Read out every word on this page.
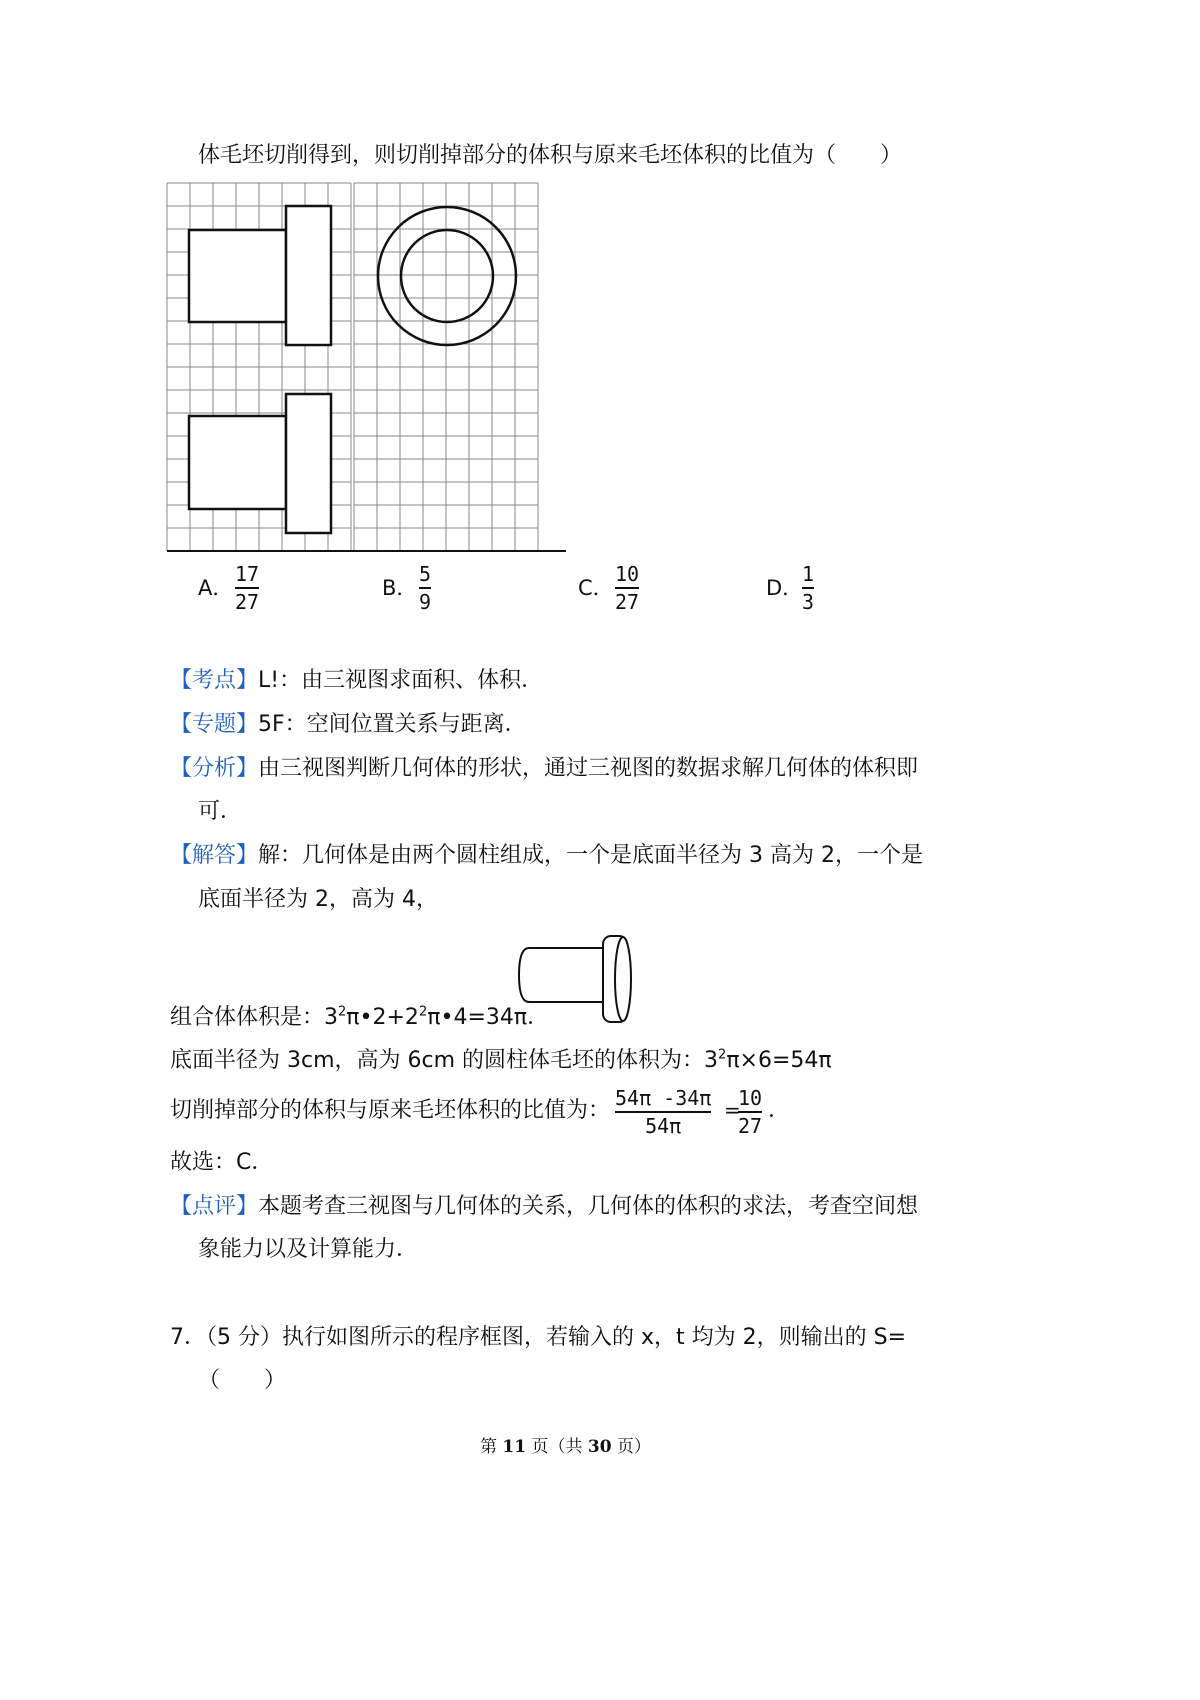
体毛坯切削得到，则切削掉部分的体积与原来毛坯体积的比值为（　　）
A．
17
27
B．
5
9
C．
10
27
D．
1
3
【考点】L!：由三视图求面积、体积．
【专题】5F：空间位置关系与距离．
【分析】由三视图判断几何体的形状，通过三视图的数据求解几何体的体积即
可．
【解答】解：几何体是由两个圆柱组成，一个是底面半径为 3 高为 2，一个是
底面半径为 2，高为 4，
组合体体积是：$3^2\pi•2+2^2\pi•4=34\pi$．
底面半径为 3cm，高为 6cm 的圆柱体毛坯的体积为：$3^2\pi\times 6=54\pi$
切削掉部分的体积与原来毛坯体积的比值为： 54π -34π
54π
=
10
27
．
故选：C．
【点评】本题考查三视图与几何体的关系，几何体的体积的求法，考查空间想
象能力以及计算能力．
7．（5 分）执行如图所示的程序框图，若输入的 x，t 均为 2，则输出的 S=
（　　）
第 11 页（共 30 页）
